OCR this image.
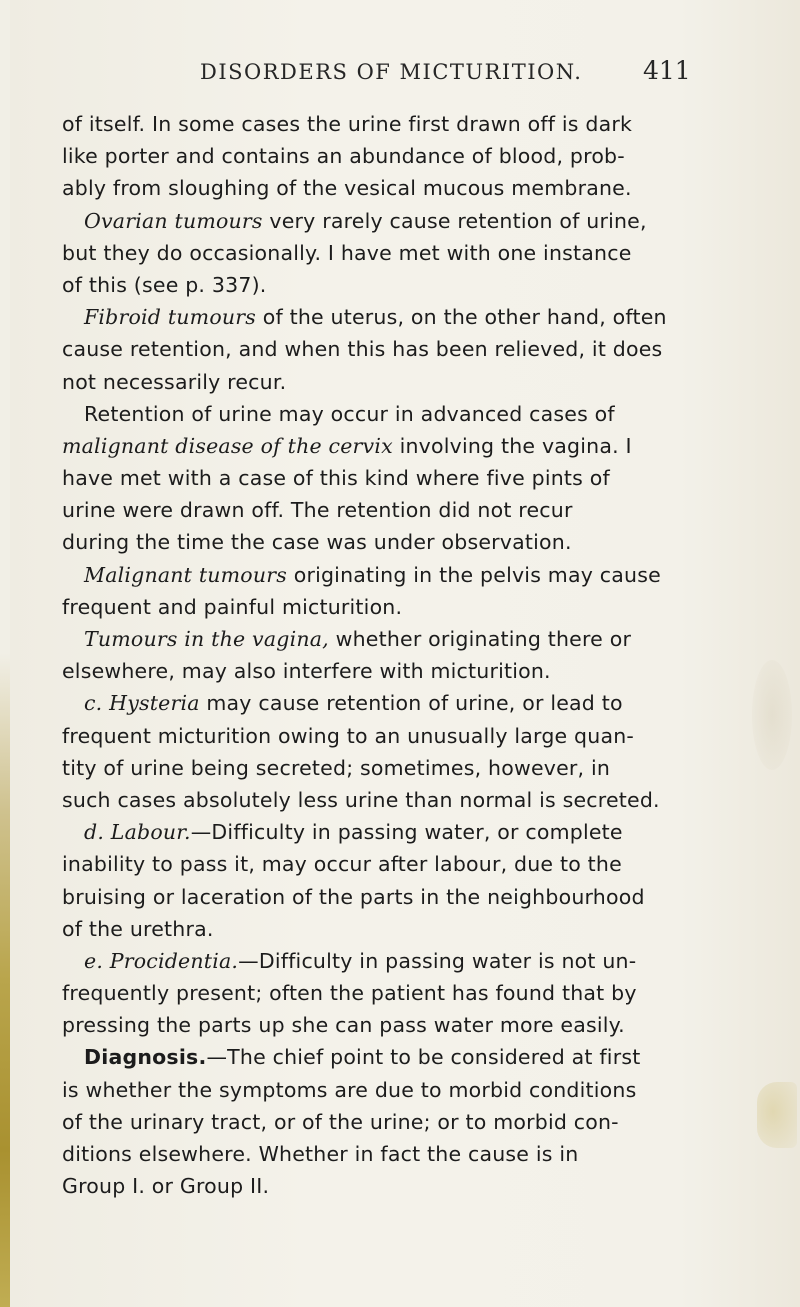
DISORDERS OF MICTURITION. 411
of itself. In some cases the urine first drawn off is dark
like porter and contains an abundance of blood, prob-
ably from sloughing of the vesical mucous membrane.
Ovarian tumours very rarely cause retention of urine,
but they do occasionally. I have met with one instance
of this (see p. 337).
Fibroid tumours of the uterus, on the other hand, often
cause retention, and when this has been relieved, it does
not necessarily recur.
Retention of urine may occur in advanced cases of
malignant disease of the cervix involving the vagina. I
have met with a case of this kind where five pints of
urine were drawn off. The retention did not recur
during the time the case was under observation.
Malignant tumours originating in the pelvis may cause
frequent and painful micturition.
Tumours in the vagina, whether originating there or
elsewhere, may also interfere with micturition.
c. Hysteria may cause retention of urine, or lead to
frequent micturition owing to an unusually large quan-
tity of urine being secreted; sometimes, however, in
such cases absolutely less urine than normal is secreted.
d. Labour.—Difficulty in passing water, or complete
inability to pass it, may occur after labour, due to the
bruising or laceration of the parts in the neighbourhood
of the urethra.
e. Procidentia.—Difficulty in passing water is not un-
frequently present; often the patient has found that by
pressing the parts up she can pass water more easily.
Diagnosis.—The chief point to be considered at first
is whether the symptoms are due to morbid conditions
of the urinary tract, or of the urine; or to morbid con-
ditions elsewhere. Whether in fact the cause is in
Group I. or Group II.
